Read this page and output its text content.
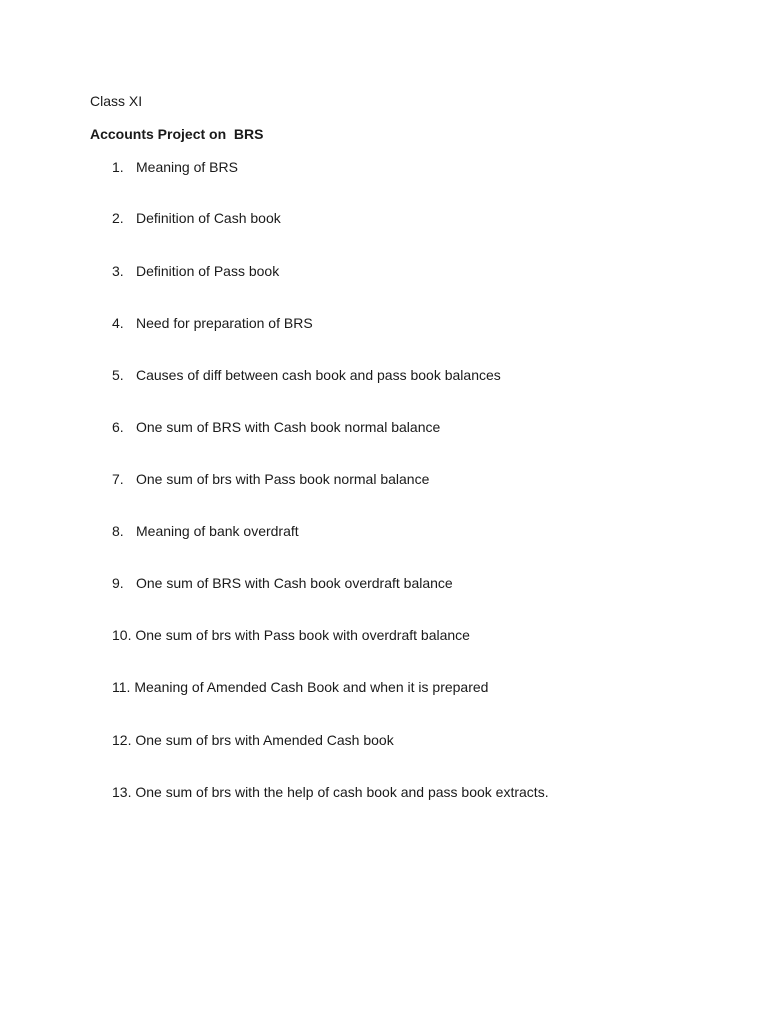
Class XI

Accounts Project on  BRS
1. Meaning of BRS
2. Definition of Cash book
3. Definition of Pass book
4. Need for preparation of BRS
5. Causes of diff between cash book and pass book balances
6. One sum of BRS with Cash book normal balance
7. One sum of brs with Pass book normal balance
8. Meaning of bank overdraft
9. One sum of BRS with Cash book overdraft balance
10. One sum of brs with Pass book with overdraft balance
11. Meaning of Amended Cash Book and when it is prepared
12. One sum of brs with Amended Cash book
13. One sum of brs with the help of cash book and pass book extracts.
